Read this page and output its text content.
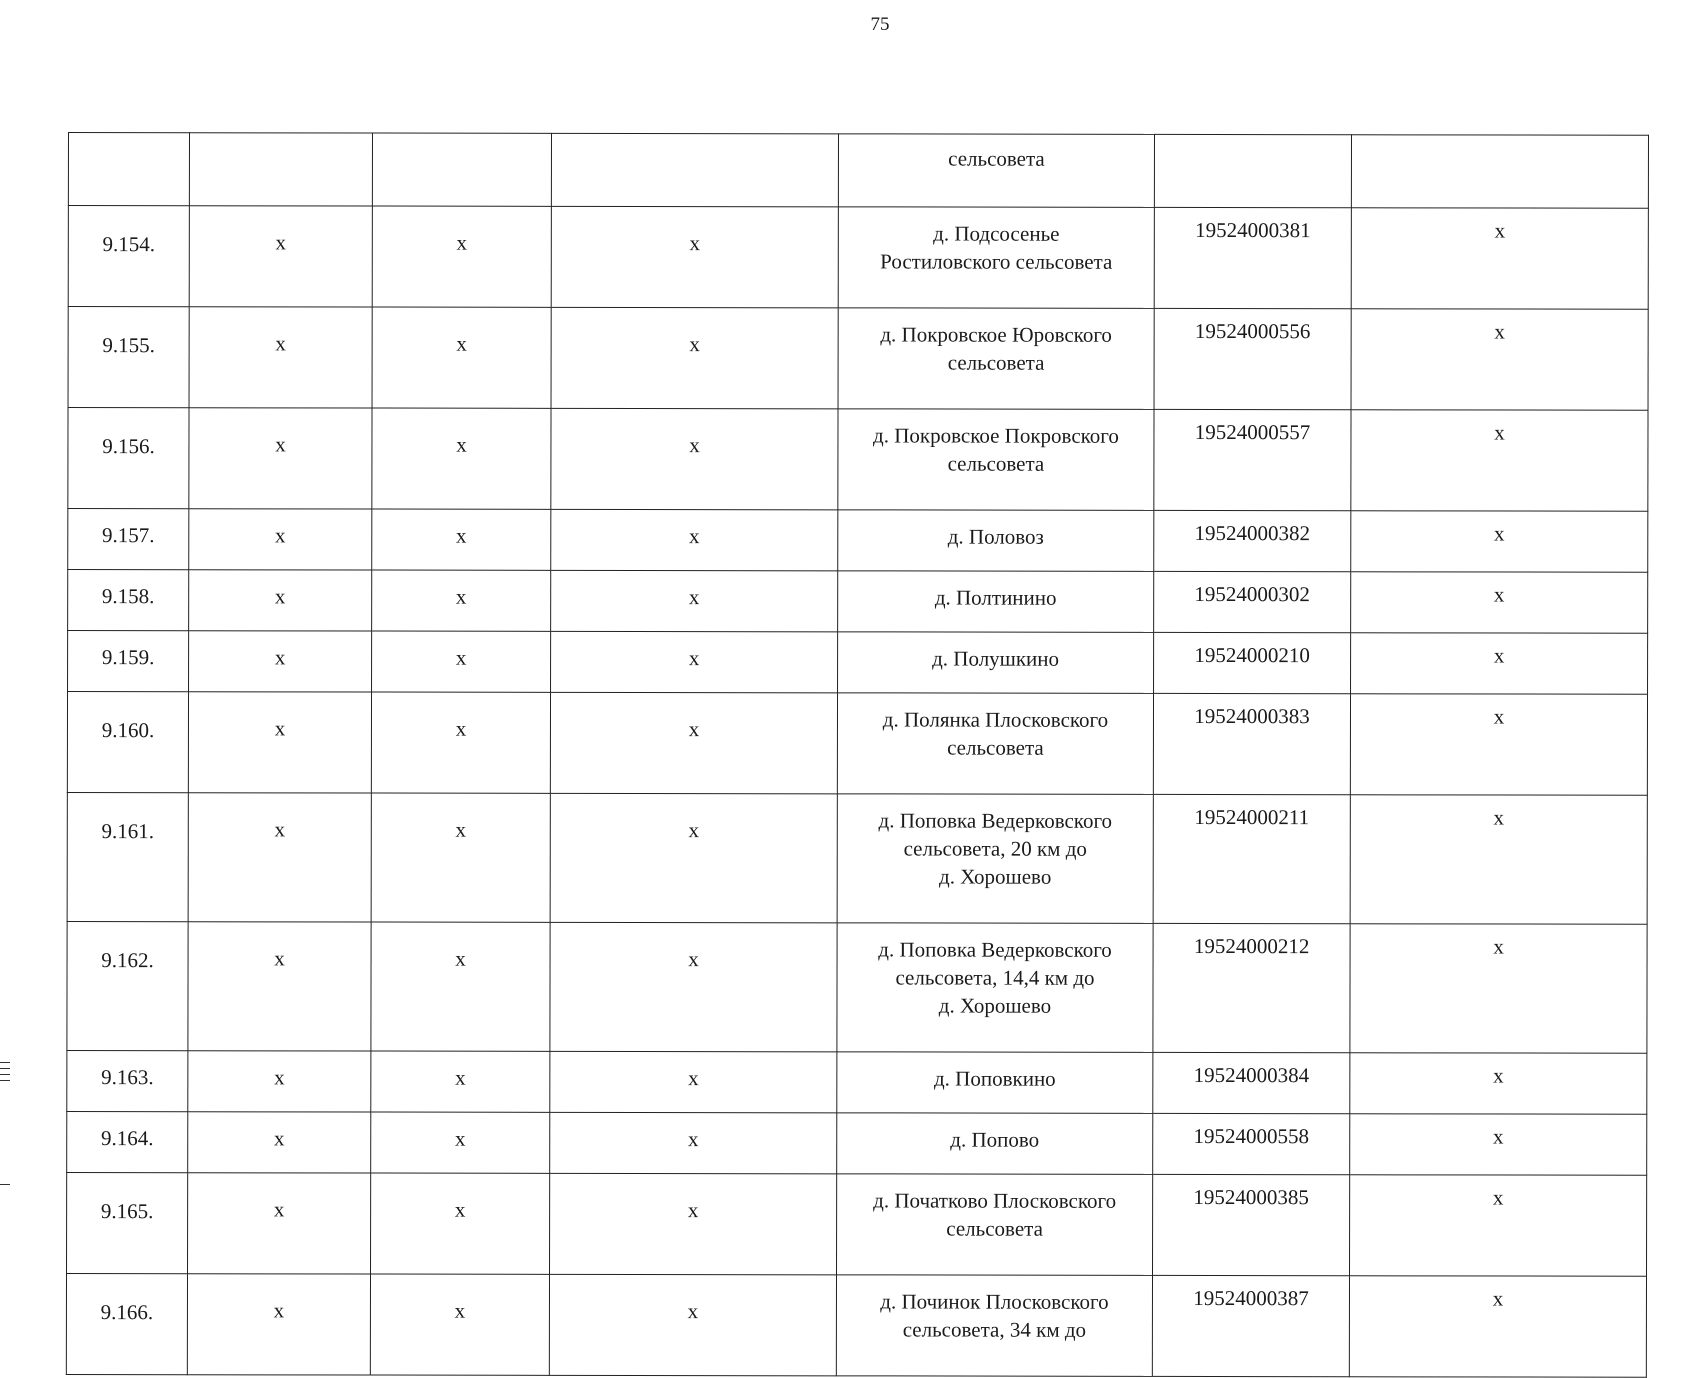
75
				сельсовета		
9.154.	x	x	x	д. Подсосенье
Ростиловского сельсовета	19524000381	x
9.155.	x	x	x	д. Покровское Юровского
сельсовета	19524000556	x
9.156.	x	x	x	д. Покровское Покровского
сельсовета	19524000557	x
9.157.	x	x	x	д. Половоз	19524000382	x
9.158.	x	x	x	д. Полтинино	19524000302	x
9.159.	x	x	x	д. Полушкино	19524000210	x
9.160.	x	x	x	д. Полянка Плосковского
сельсовета	19524000383	x
9.161.	x	x	x	д. Поповка Ведерковского
сельсовета, 20 км до
д. Хорошево	19524000211	x
9.162.	x	x	x	д. Поповка Ведерковского
сельсовета, 14,4 км до
д. Хорошево	19524000212	x
9.163.	x	x	x	д. Поповкино	19524000384	x
9.164.	x	x	x	д. Попово	19524000558	x
9.165.	x	x	x	д. Початково Плосковского
сельсовета	19524000385	x
9.166.	x	x	x	д. Починок Плосковского
сельсовета, 34 км до	19524000387	x
